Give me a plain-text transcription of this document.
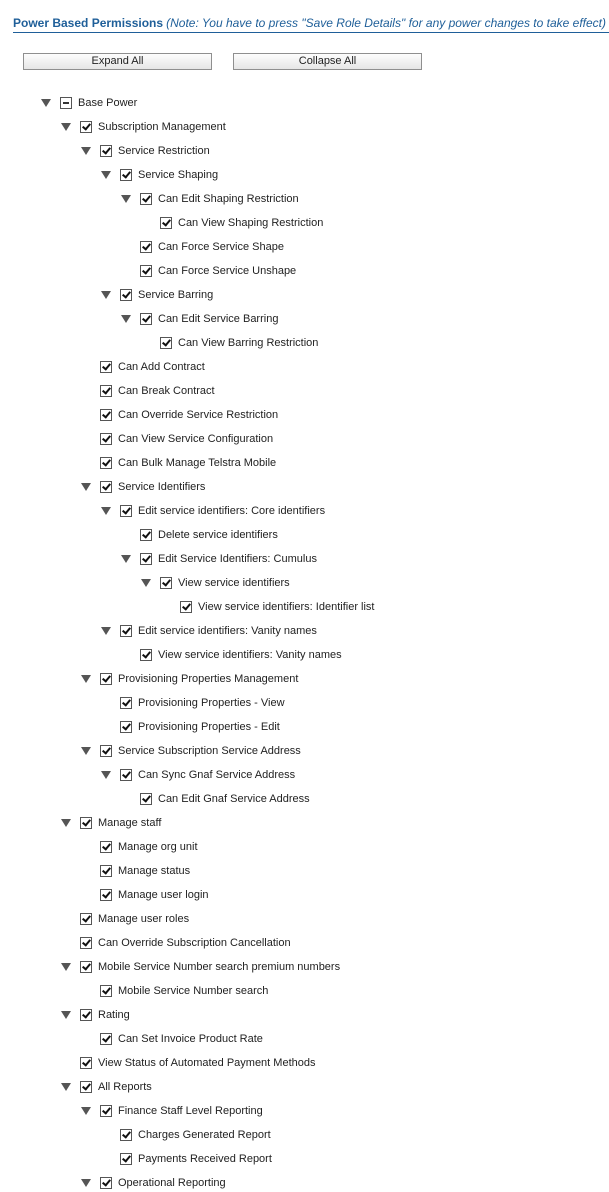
Power Based Permissions (Note: You have to press "Save Role Details" for any power changes to take effect)
Expand All	Collapse All
Base Power
Subscription Management
Service Restriction
Service Shaping
Can Edit Shaping Restriction
Can View Shaping Restriction
Can Force Service Shape
Can Force Service Unshape
Service Barring
Can Edit Service Barring
Can View Barring Restriction
Can Add Contract
Can Break Contract
Can Override Service Restriction
Can View Service Configuration
Can Bulk Manage Telstra Mobile
Service Identifiers
Edit service identifiers: Core identifiers
Delete service identifiers
Edit Service Identifiers: Cumulus
View service identifiers
View service identifiers: Identifier list
Edit service identifiers: Vanity names
View service identifiers: Vanity names
Provisioning Properties Management
Provisioning Properties - View
Provisioning Properties - Edit
Service Subscription Service Address
Can Sync Gnaf Service Address
Can Edit Gnaf Service Address
Manage staff
Manage org unit
Manage status
Manage user login
Manage user roles
Can Override Subscription Cancellation
Mobile Service Number search premium numbers
Mobile Service Number search
Rating
Can Set Invoice Product Rate
View Status of Automated Payment Methods
All Reports
Finance Staff Level Reporting
Charges Generated Report
Payments Received Report
Operational Reporting
